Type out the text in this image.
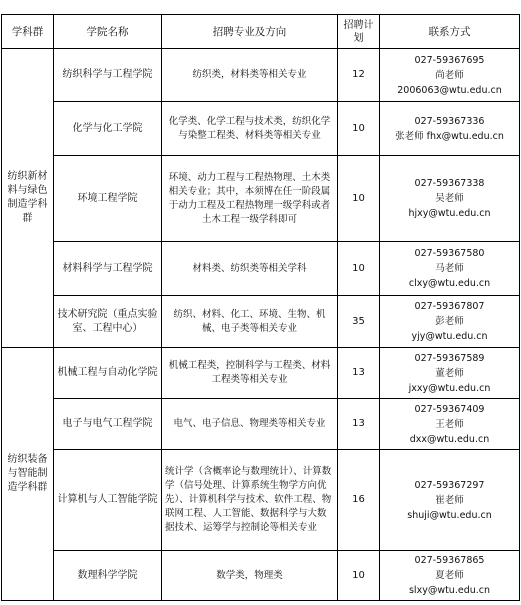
学科群	学院名称	招聘专业及方向	招聘计划	联系方式
纺织新材料与绿色制造学科群	纺织科学与工程学院	纺织类，材料类等相关专业	12	027-59367695
尚老师
2006063@wtu.edu.cn

	化学与化工学院	化学类、化学工程与技术类，纺织化学与染整工程类、材料类等相关专业	10	027-59367336
张老师 fhx@wtu.edu.cn

	环境工程学院	环境、动力工程与工程热物理、土木类相关专业；其中，本须博在任一阶段属于动力工程及工程热物理一级学科或者土木工程一级学科即可	10	027-59367338
吴老师
hjxy@wtu.edu.cn

	材料科学与工程学院	材料类、纺织类等相关学科	10	027-59367580
马老师
clxy@wtu.edu.cn

	技术研究院（重点实验室、工程中心）	纺织、材料、化工、环境、生物、机械、电子类等相关专业	35	027-59367807
彭老师
yjy@wtu.edu.cn

纺织装备与智能制造学科群	机械工程与自动化学院	机械工程类，控制科学与工程类、材料工程类等相关专业	13	027-59367589
董老师
jxxy@wtu.edu.cn

	电子与电气工程学院	电气、电子信息、物理类等相关专业	13	027-59367409
王老师
dxx@wtu.edu.cn

	计算机与人工智能学院	统计学（含概率论与数理统计）、计算数学（信号处理、计算系统生物学方向优先）、计算机科学与技术、软件工程、物联网工程、人工智能、数据科学与大数据技术、运筹学与控制论等相关专业	16	027-59367297
崔老师
shuji@wtu.edu.cn

	数理科学学院	数学类，物理类	10	027-59367865
夏老师
slxy@wtu.edu.cn
